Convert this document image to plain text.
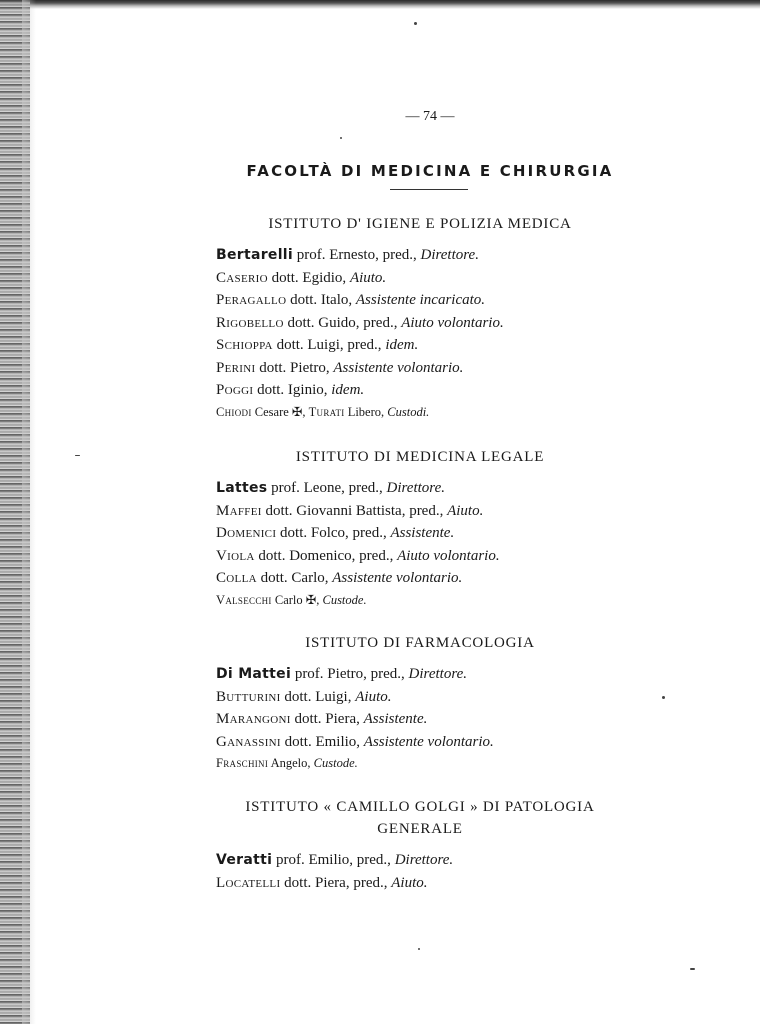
— 74 —
FACOLTÀ DI MEDICINA E CHIRURGIA
ISTITUTO D' IGIENE E POLIZIA MEDICA
Bertarelli prof. Ernesto, pred., Direttore.
Caserio dott. Egidio, Aiuto.
Peragallo dott. Italo, Assistente incaricato.
Rigobello dott. Guido, pred., Aiuto volontario.
Schioppa dott. Luigi, pred., idem.
Perini dott. Pietro, Assistente volontario.
Poggi dott. Iginio, idem.
Chiodi Cesare ✠, Turati Libero, Custodi.
ISTITUTO DI MEDICINA LEGALE
Lattes prof. Leone, pred., Direttore.
Maffei dott. Giovanni Battista, pred., Aiuto.
Domenici dott. Folco, pred., Assistente.
Viola dott. Domenico, pred., Aiuto volontario.
Colla dott. Carlo, Assistente volontario.
Valsecchi Carlo ✠, Custode.
ISTITUTO DI FARMACOLOGIA
Di Mattei prof. Pietro, pred., Direttore.
Butturini dott. Luigi, Aiuto.
Marangoni dott. Piera, Assistente.
Ganassini dott. Emilio, Assistente volontario.
Fraschini Angelo, Custode.
ISTITUTO « CAMILLO GOLGI » DI PATOLOGIA
GENERALE
Veratti prof. Emilio, pred., Direttore.
Locatelli dott. Piera, pred., Aiuto.
